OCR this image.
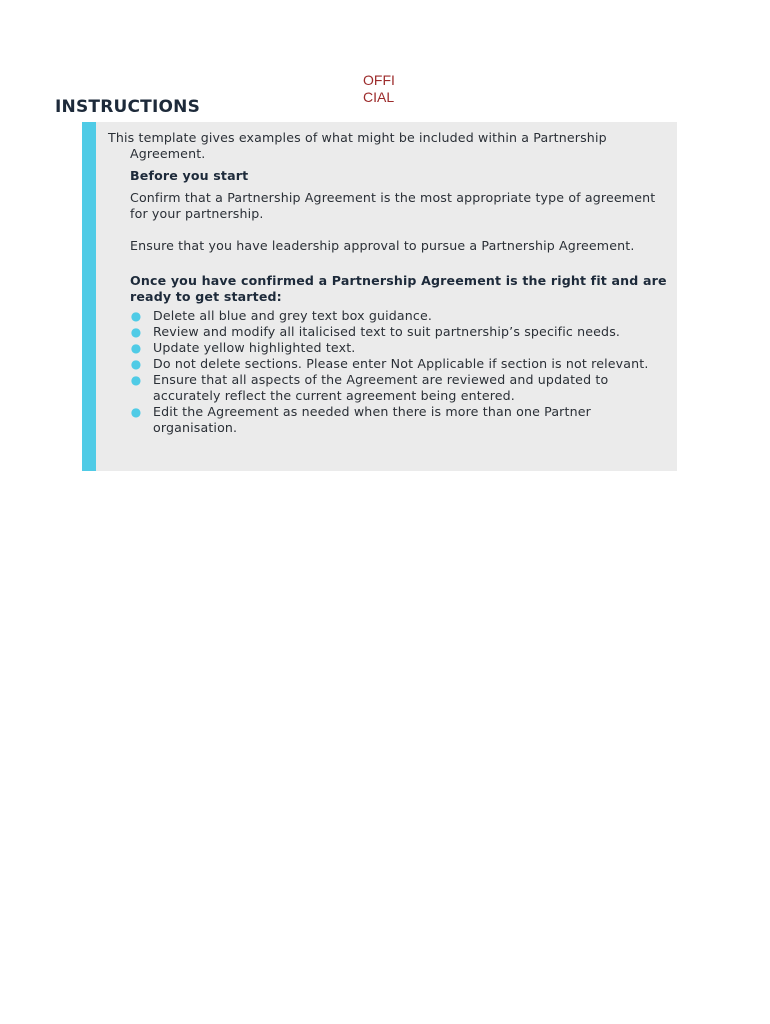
OFFICIAL
INSTRUCTIONS

This template gives examples of what might be included within a Partnership Agreement.

Before you start

Confirm that a Partnership Agreement is the most appropriate type of agreement for your partnership.

Ensure that you have leadership approval to pursue a Partnership Agreement.

Once you have confirmed a Partnership Agreement is the right fit and are ready to get started:

● Delete all blue and grey text box guidance.
● Review and modify all italicised text to suit partnership’s specific needs.
● Update yellow highlighted text.
● Do not delete sections. Please enter Not Applicable if section is not relevant.
● Ensure that all aspects of the Agreement are reviewed and updated to accurately reflect the current agreement being entered.
● Edit the Agreement as needed when there is more than one Partner organisation.
